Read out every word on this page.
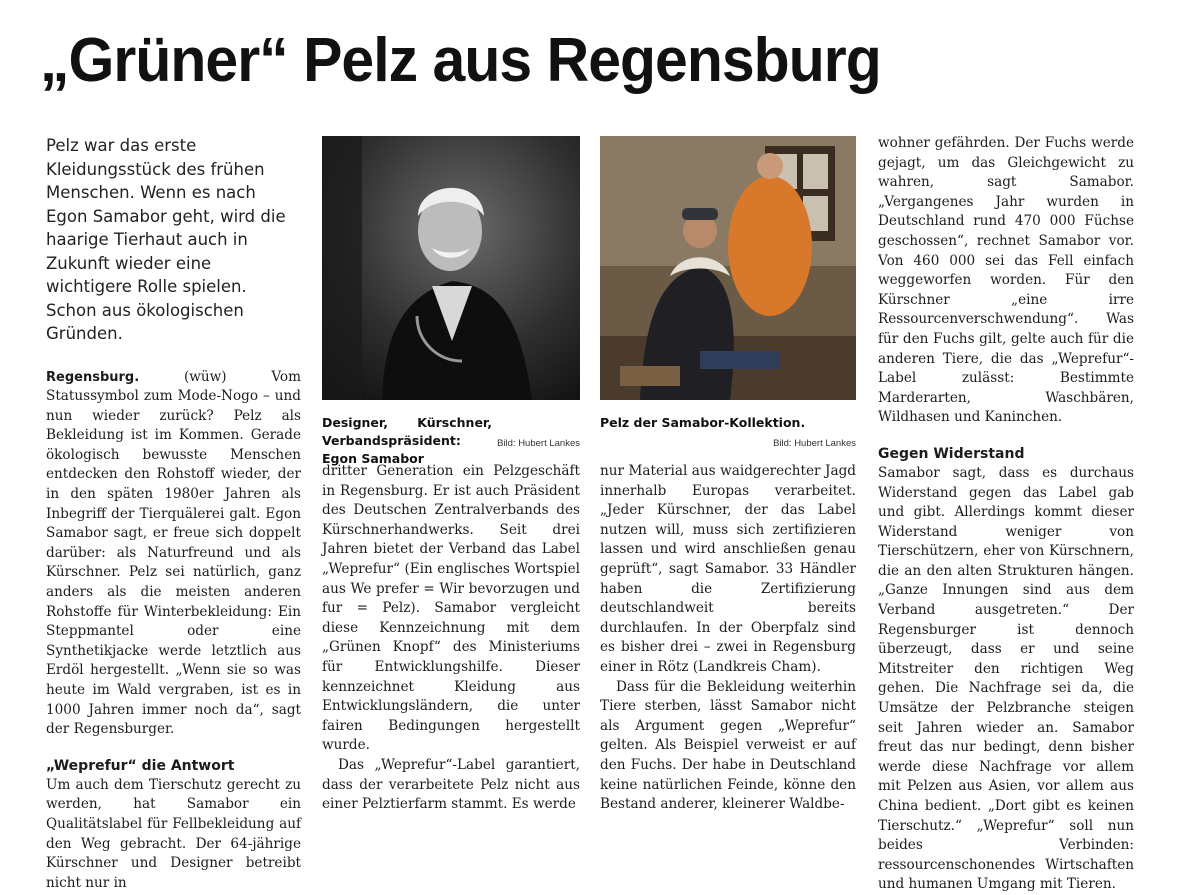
„Grüner“ Pelz aus Regensburg

Pelz war das erste Kleidungsstück des frühen Menschen. Wenn es nach Egon Samabor geht, wird die haarige Tierhaut auch in Zukunft wieder eine wichtigere Rolle spielen. Schon aus ökologischen Gründen.

Regensburg. (wüw) Vom Statussymbol zum Mode-Nogo – und nun wieder zurück? Pelz als Bekleidung ist im Kommen. Gerade ökologisch bewusste Menschen entdecken den Rohstoff wieder, der in den späten 1980er Jahren als Inbegriff der Tierquälerei galt. Egon Samabor sagt, er freue sich doppelt darüber: als Naturfreund und als Kürschner. Pelz sei natürlich, ganz anders als die meisten anderen Rohstoffe für Winterbekleidung: Ein Steppmantel oder eine Synthetikjacke werde letztlich aus Erdöl hergestellt. „Wenn sie so was heute im Wald vergraben, ist es in 1000 Jahren immer noch da“, sagt der Regensburger.

„Weprefur“ die Antwort

Um auch dem Tierschutz gerecht zu werden, hat Samabor ein Qualitätslabel für Fellbekleidung auf den Weg gebracht. Der 64-jährige Kürschner und Designer betreibt nicht nur in

Designer, Kürschner, Verbandspräsident: Egon Samabor
Bild: Hubert Lankes

dritter Generation ein Pelzgeschäft in Regensburg. Er ist auch Präsident des Deutschen Zentralverbands des Kürschnerhandwerks. Seit drei Jahren bietet der Verband das Label „Weprefur“ (Ein englisches Wortspiel aus We prefer = Wir bevorzugen und fur = Pelz). Samabor vergleicht diese Kennzeichnung mit dem „Grünen Knopf“ des Ministeriums für Entwicklungshilfe. Dieser kennzeichnet Kleidung aus Entwicklungsländern, die unter fairen Bedingungen hergestellt wurde.
Das „Weprefur“-Label garantiert, dass der verarbeitete Pelz nicht aus einer Pelztierfarm stammt. Es werde

Pelz der Samabor-Kollektion.
Bild: Hubert Lankes

nur Material aus waidgerechter Jagd innerhalb Europas verarbeitet. „Jeder Kürschner, der das Label nutzen will, muss sich zertifizieren lassen und wird anschließen genau geprüft“, sagt Samabor. 33 Händler haben die Zertifizierung deutschlandweit bereits durchlaufen. In der Oberpfalz sind es bisher drei – zwei in Regensburg einer in Rötz (Landkreis Cham).
Dass für die Bekleidung weiterhin Tiere sterben, lässt Samabor nicht als Argument gegen „Weprefur“ gelten. Als Beispiel verweist er auf den Fuchs. Der habe in Deutschland keine natürlichen Feinde, könne den Bestand anderer, kleinerer Waldbe-

wohner gefährden. Der Fuchs werde gejagt, um das Gleichgewicht zu wahren, sagt Samabor. „Vergangenes Jahr wurden in Deutschland rund 470 000 Füchse geschossen“, rechnet Samabor vor. Von 460 000 sei das Fell einfach weggeworfen worden. Für den Kürschner „eine irre Ressourcenverschwendung“. Was für den Fuchs gilt, gelte auch für die anderen Tiere, die das „Weprefur“-Label zulässt: Bestimmte Marderarten, Waschbären, Wildhasen und Kaninchen.

Gegen Widerstand

Samabor sagt, dass es durchaus Widerstand gegen das Label gab und gibt. Allerdings kommt dieser Widerstand weniger von Tierschützern, eher von Kürschnern, die an den alten Strukturen hängen. „Ganze Innungen sind aus dem Verband ausgetreten.“ Der Regensburger ist dennoch überzeugt, dass er und seine Mitstreiter den richtigen Weg gehen. Die Nachfrage sei da, die Umsätze der Pelzbranche steigen seit Jahren wieder an. Samabor freut das nur bedingt, denn bisher werde diese Nachfrage vor allem mit Pelzen aus Asien, vor allem aus China bedient. „Dort gibt es keinen Tierschutz.“ „Weprefur“ soll nun beides Verbinden: ressourcenschonendes Wirtschaften und humanen Umgang mit Tieren.
